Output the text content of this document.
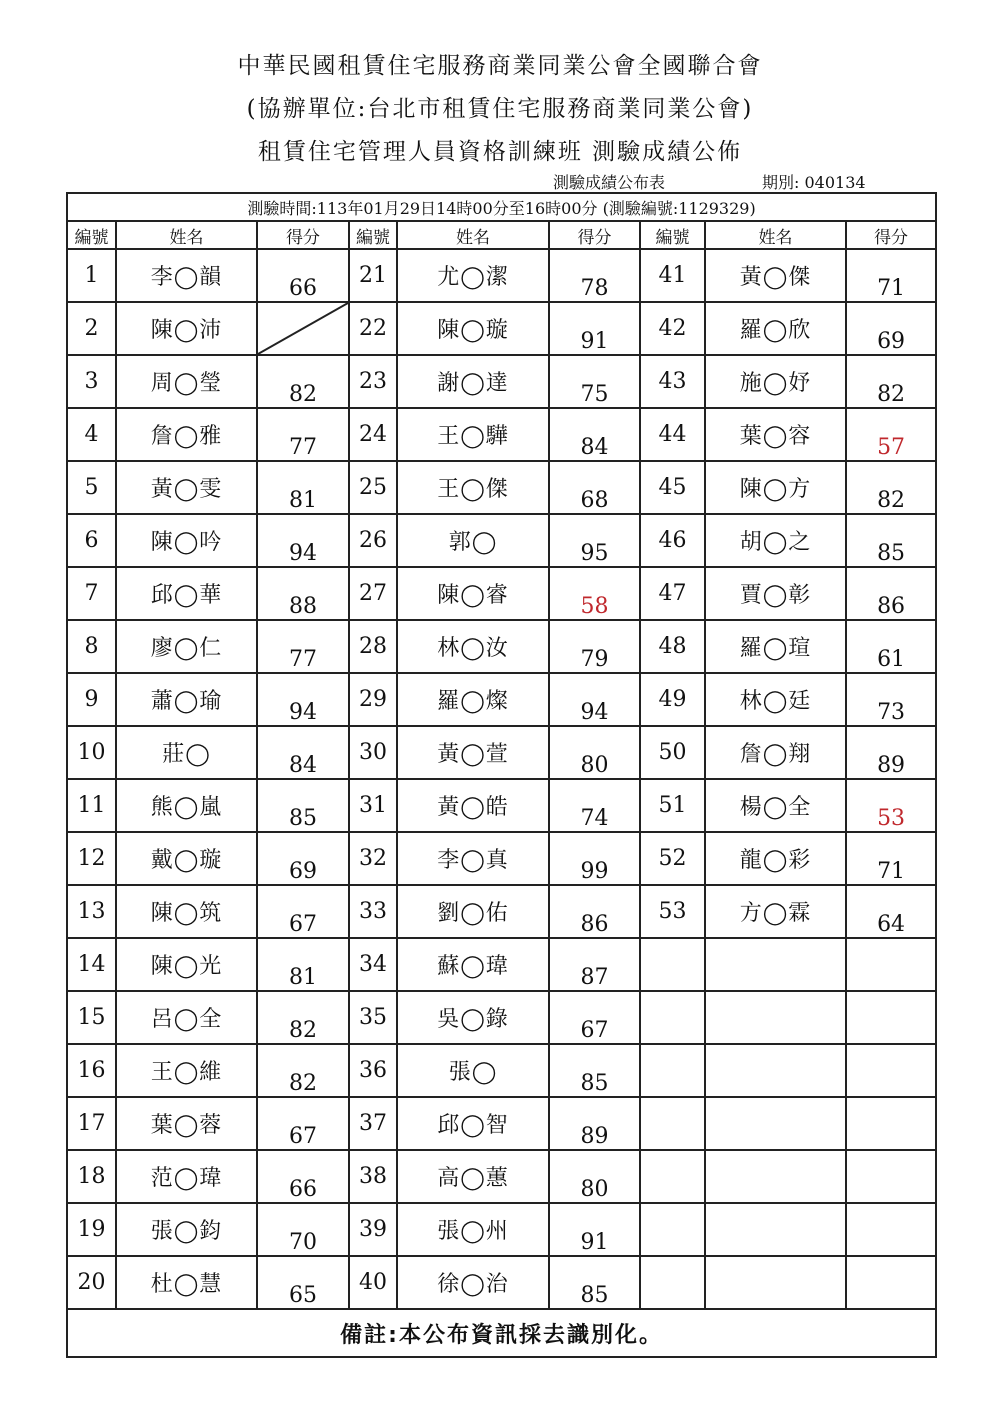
中華民國租賃住宅服務商業同業公會全國聯合會
(協辦單位:台北市租賃住宅服務商業同業公會)
租賃住宅管理人員資格訓練班 測驗成績公佈
測驗成績公布表	期別: 040134
測驗時間:113年01月29日14時00分至16時00分 (測驗編號:1129329)								
編號	姓名	得分	編號	姓名	得分	編號	姓名	得分
1	李◯韻	66	21	尤◯潔	78	41	黃◯傑	71
2	陳◯沛		22	陳◯璇	91	42	羅◯欣	69
3	周◯瑩	82	23	謝◯達	75	43	施◯妤	82
4	詹◯雅	77	24	王◯驊	84	44	葉◯容	57
5	黃◯雯	81	25	王◯傑	68	45	陳◯方	82
6	陳◯吟	94	26	郭◯	95	46	胡◯之	85
7	邱◯華	88	27	陳◯睿	58	47	賈◯彰	86
8	廖◯仁	77	28	林◯汝	79	48	羅◯瑄	61
9	蕭◯瑜	94	29	羅◯燦	94	49	林◯廷	73
10	莊◯	84	30	黃◯萱	80	50	詹◯翔	89
11	熊◯嵐	85	31	黃◯皓	74	51	楊◯全	53
12	戴◯璇	69	32	李◯真	99	52	龍◯彩	71
13	陳◯筑	67	33	劉◯佑	86	53	方◯霖	64
14	陳◯光	81	34	蘇◯瑋	87			
15	呂◯全	82	35	吳◯錄	67			
16	王◯維	82	36	張◯	85			
17	葉◯蓉	67	37	邱◯智	89			
18	范◯瑋	66	38	高◯蕙	80			
19	張◯鈞	70	39	張◯州	91			
20	杜◯慧	65	40	徐◯治	85			
備註:本公布資訊採去識別化。								
